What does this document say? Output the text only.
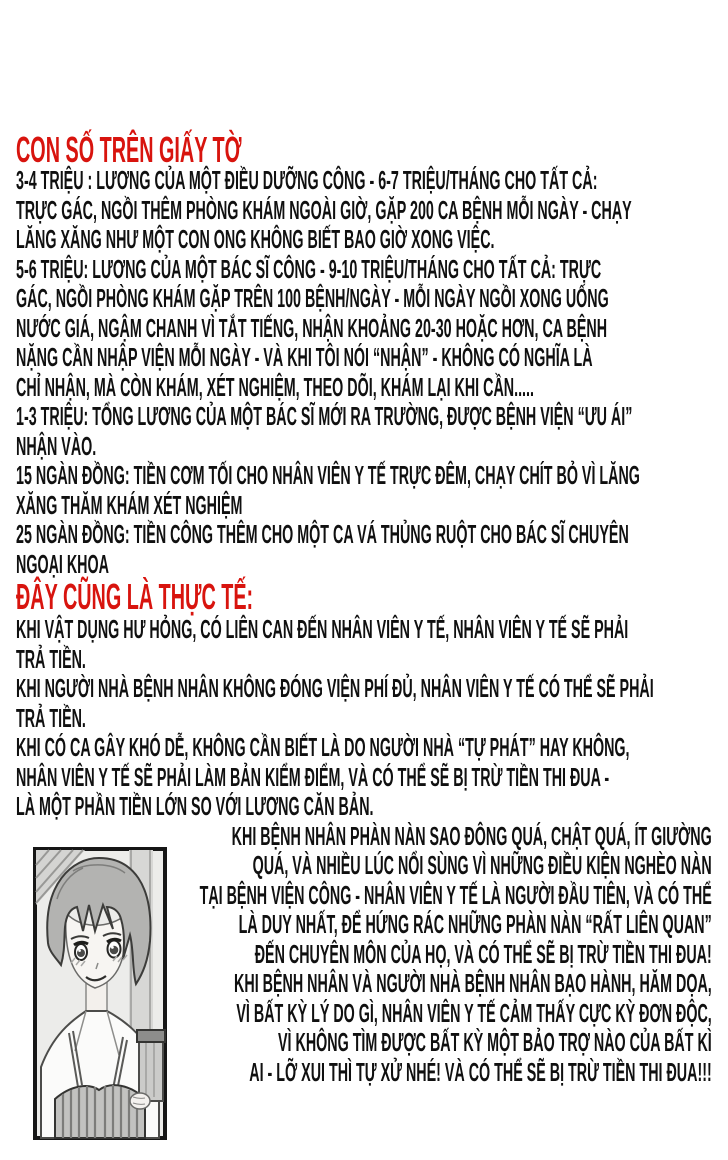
CON SỐ TRÊN GIẤY TỜ
3-4 TRIỆU : LƯƠNG CỦA MỘT ĐIỀU DƯỠNG CÔNG - 6-7 TRIỆU/THÁNG CHO TẤT CẢ:
TRỰC GÁC, NGỒI THÊM PHÒNG KHÁM NGOÀI GIỜ, GẶP 200 CA BỆNH MỖI NGÀY - CHẠY
LĂNG XĂNG NHƯ MỘT CON ONG KHÔNG BIẾT BAO GIỜ XONG VIỆC.
5-6 TRIỆU: LƯƠNG CỦA MỘT BÁC SĨ CÔNG - 9-10 TRIỆU/THÁNG CHO TẤT CẢ: TRỰC
GÁC, NGỒI PHÒNG KHÁM GẶP TRÊN 100 BỆNH/NGÀY - MỖI NGÀY NGỒI XONG UỐNG
NƯỚC GIÁ, NGẬM CHANH VÌ TẮT TIẾNG, NHẬN KHOẢNG 20-30 HOẶC HƠN, CA BỆNH
NẶNG CẦN NHẬP VIỆN MỖI NGÀY - VÀ KHI TÔI NÓI “NHẬN” - KHÔNG CÓ NGHĨA LÀ
CHỈ NHẬN, MÀ CÒN KHÁM, XÉT NGHIỆM, THEO DÕI, KHÁM LẠI KHI CẦN.....
1-3 TRIỆU: TỔNG LƯƠNG CỦA MỘT BÁC SĨ MỚI RA TRƯỜNG, ĐƯỢC BỆNH VIỆN “ƯU ÁI”
NHẬN VÀO.
15 NGÀN ĐỒNG: TIỀN CƠM TỐI CHO NHÂN VIÊN Y TẾ TRỰC ĐÊM, CHẠY CHÍT BỎ VÌ LĂNG
XĂNG THĂM KHÁM XÉT NGHIỆM
25 NGÀN ĐỒNG: TIỀN CÔNG THÊM CHO MỘT CA VÁ THỦNG RUỘT CHO BÁC SĨ CHUYÊN
NGOẠI KHOA
ĐÂY CŨNG LÀ THỰC TẾ:
KHI VẬT DỤNG HƯ HỎNG, CÓ LIÊN CAN ĐẾN NHÂN VIÊN Y TẾ, NHÂN VIÊN Y TẾ SẼ PHẢI
TRẢ TIỀN.
KHI NGƯỜI NHÀ BỆNH NHÂN KHÔNG ĐÓNG VIỆN PHÍ ĐỦ, NHÂN VIÊN Y TẾ CÓ THỂ SẼ PHẢI
TRẢ TIỀN.
KHI CÓ CA GÂY KHÓ DỄ, KHÔNG CẦN BIẾT LÀ DO NGƯỜI NHÀ “TỰ PHÁT” HAY KHÔNG,
NHÂN VIÊN Y TẾ SẼ PHẢI LÀM BẢN KIỂM ĐIỂM, VÀ CÓ THỂ SẼ BỊ TRỪ TIỀN THI ĐUA -
LÀ MỘT PHẦN TIỀN LỚN SO VỚI LƯƠNG CĂN BẢN.
KHI BỆNH NHÂN PHÀN NÀN SAO ĐÔNG QUÁ, CHẬT QUÁ, ÍT GIƯỜNG
QUÁ, VÀ NHIỀU LÚC NỔI SÙNG VÌ NHỮNG ĐIỀU KIỆN NGHÈO NÀN
TẠI BỆNH VIỆN CÔNG - NHÂN VIÊN Y TẾ LÀ NGƯỜI ĐẦU TIÊN, VÀ CÓ THỂ
LÀ DUY NHẤT, ĐỂ HỨNG RÁC NHỮNG PHÀN NÀN “RẤT LIÊN QUAN”
ĐẾN CHUYÊN MÔN CỦA HỌ, VÀ CÓ THỂ SẼ BỊ TRỪ TIỀN THI ĐUA!
KHI BỆNH NHÂN VÀ NGƯỜI NHÀ BỆNH NHÂN BẠO HÀNH, HĂM DỌA,
VÌ BẤT KỲ LÝ DO GÌ, NHÂN VIÊN Y TẾ CẢM THẤY CỰC KỲ ĐƠN ĐỘC,
VÌ KHÔNG TÌM ĐƯỢC BẤT KỲ MỘT BẢO TRỢ NÀO CỦA BẤT KÌ
AI - LỠ XUI THÌ TỰ XỬ NHÉ! VÀ CÓ THỂ SẼ BỊ TRỪ TIỀN THI ĐUA!!!
